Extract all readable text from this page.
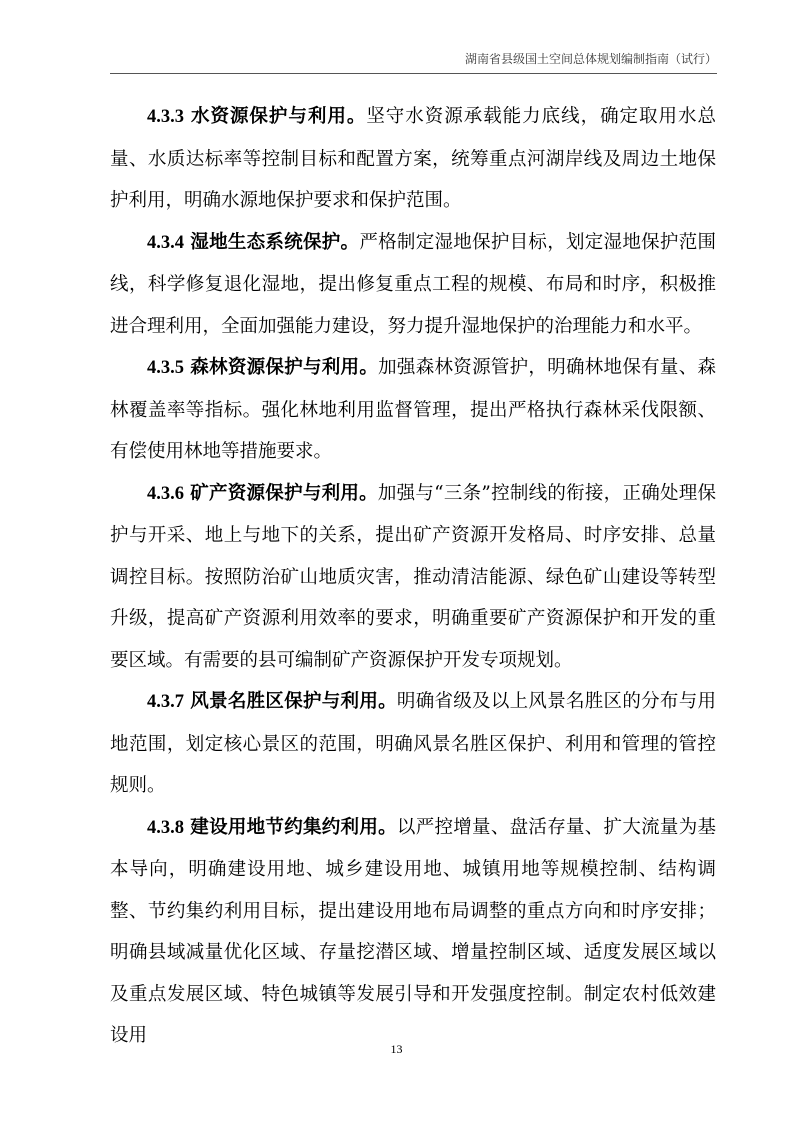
湖南省县级国土空间总体规划编制指南（试行）

4.3.3 水资源保护与利用。坚守水资源承载能力底线，确定取用水总量、水质达标率等控制目标和配置方案，统筹重点河湖岸线及周边土地保护利用，明确水源地保护要求和保护范围。

4.3.4 湿地生态系统保护。严格制定湿地保护目标，划定湿地保护范围线，科学修复退化湿地，提出修复重点工程的规模、布局和时序，积极推进合理利用，全面加强能力建设，努力提升湿地保护的治理能力和水平。

4.3.5 森林资源保护与利用。加强森林资源管护，明确林地保有量、森林覆盖率等指标。强化林地利用监督管理，提出严格执行森林采伐限额、有偿使用林地等措施要求。

4.3.6 矿产资源保护与利用。加强与“三条”控制线的衔接，正确处理保护与开采、地上与地下的关系，提出矿产资源开发格局、时序安排、总量调控目标。按照防治矿山地质灾害，推动清洁能源、绿色矿山建设等转型升级，提高矿产资源利用效率的要求，明确重要矿产资源保护和开发的重要区域。有需要的县可编制矿产资源保护开发专项规划。

4.3.7 风景名胜区保护与利用。明确省级及以上风景名胜区的分布与用地范围，划定核心景区的范围，明确风景名胜区保护、利用和管理的管控规则。

4.3.8 建设用地节约集约利用。以严控增量、盘活存量、扩大流量为基本导向，明确建设用地、城乡建设用地、城镇用地等规模控制、结构调整、节约集约利用目标，提出建设用地布局调整的重点方向和时序安排；明确县域减量优化区域、存量挖潜区域、增量控制区域、适度发展区域以及重点发展区域、特色城镇等发展引导和开发强度控制。制定农村低效建设用

13
